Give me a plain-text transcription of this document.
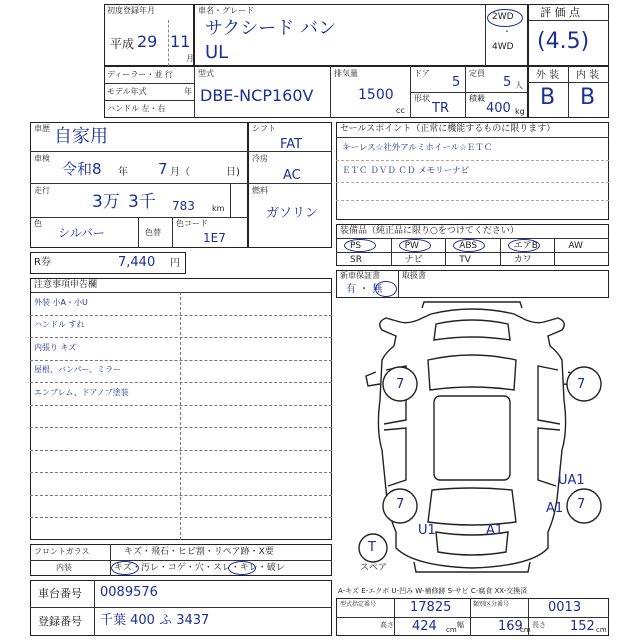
初度登録年月
平成 29 11
月
車名・グレード
サクシード バン
UL
2WD
・
4WD
評 価 点
(4.5)
ディーラー・並 行
モデル年式	年
ハンドル 左・右
型式
DBE-NCP160V
排気量
1500
cc
ドア
5
定員
5 人
形状
TR
積載
400 kg
外 装 内 装
B B
車歴 自家用
車検
令和8 年 7 月（	日)
走行
3万 3千 783 km
色
シルバー	色替
色コード
1E7
シフト
FAT
冷房
AC
燃料
ガソリン
R券	7,440 円
セールスポイント（正常に機能するものに限ります）
キーレス☆社外アルミホイール☆ＥＴＣ
ＥＴＣ ＤＶＤ ＣＤ メモリーナビ
装備品（純正品に限り○をつけてください）
PS	PW	ABS	エアB	AW
SR	ナビ	TV	カワ
新車保証書
有 ・ 無
取扱書
注意事項申告欄
外装 小A・小U
ハンドル すれ
内張り キズ
屋根、バンパー、ミラー
エンブレム、ドアノブ塗装	7	7
7	7
UA1
A1
U1	A1
T
スペア
フロントガラス	キズ・飛石・ヒビ割・リペア跡・X要
内装	キズ・汚レ・コゲ・穴・スレ・キレ・破レ
車台番号 0089576
登録番号 千葉 400 ふ 3437
A-キズ E-エクボ U-凹み W-補修跡 S-サビ C-腐食 XX-交換済
型式指定番号	17825	類別区分番号	0013
高さ 424 cm
幅	169
cm
長さ 152 cm
